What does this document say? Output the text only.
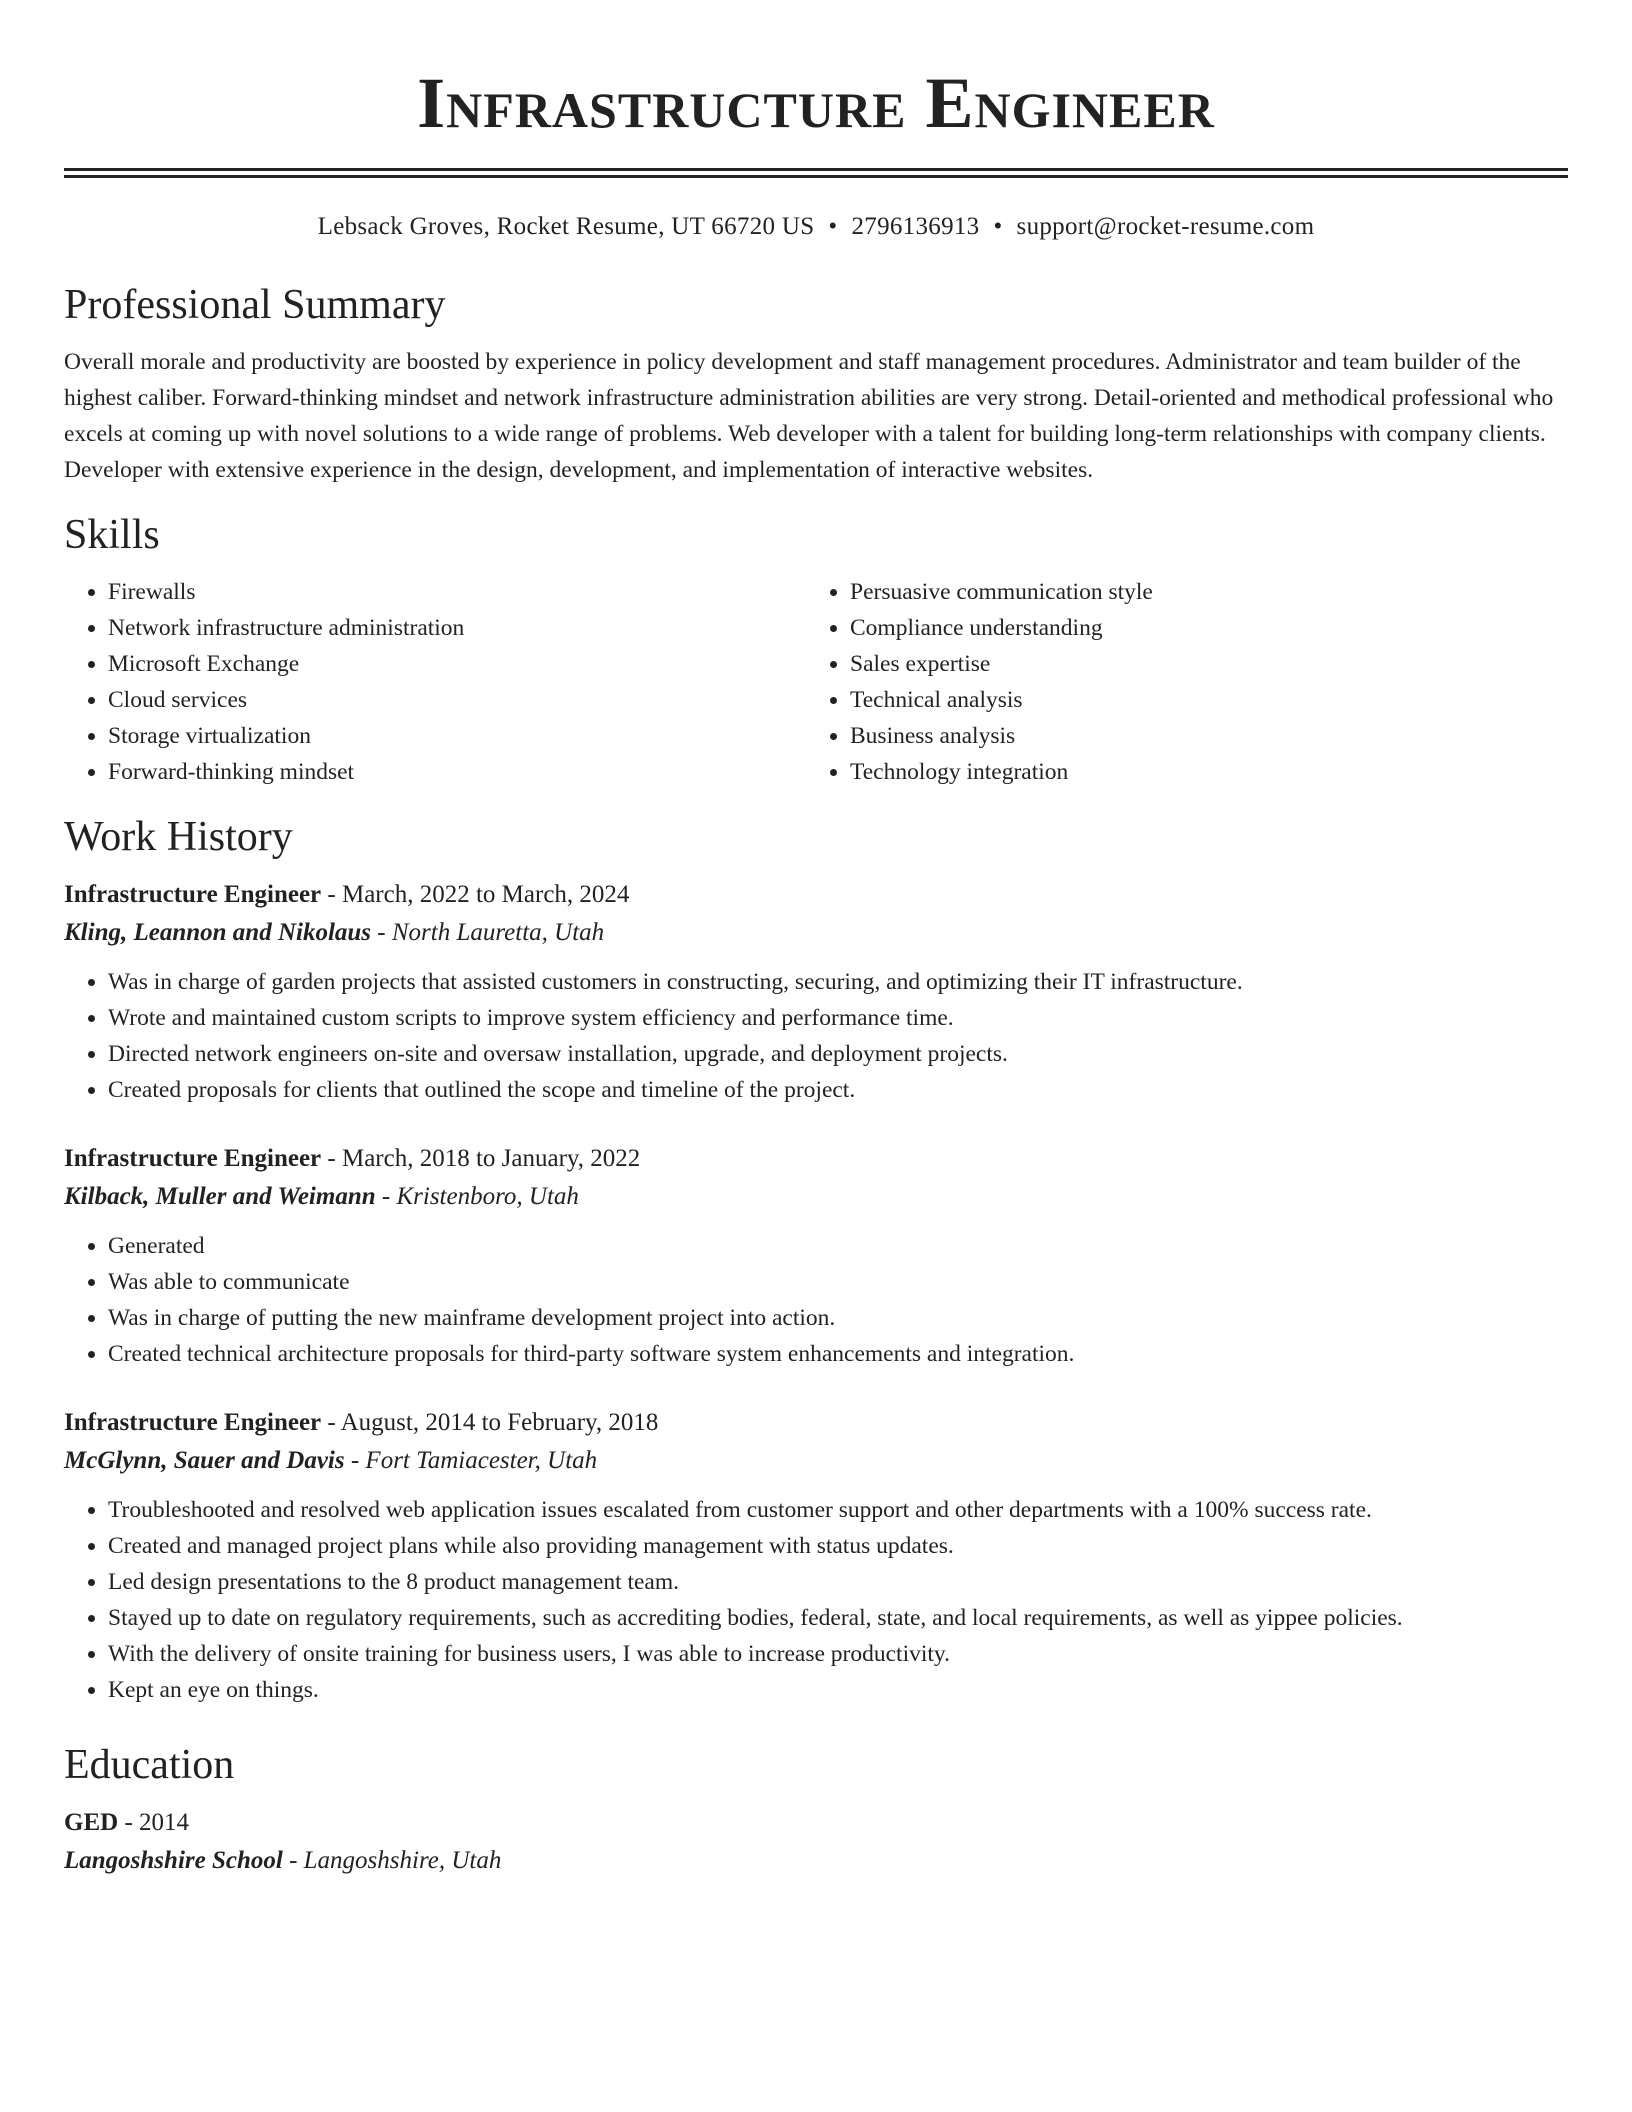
Infrastructure Engineer
Lebsack Groves, Rocket Resume, UT 66720 US • 2796136913 • support@rocket-resume.com
Professional Summary

Overall morale and productivity are boosted by experience in policy development and staff management procedures. Administrator and team builder of the highest caliber. Forward-thinking mindset and network infrastructure administration abilities are very strong. Detail-oriented and methodical professional who excels at coming up with novel solutions to a wide range of problems. Web developer with a talent for building long-term relationships with company clients. Developer with extensive experience in the design, development, and implementation of interactive websites.

Skills
• Firewalls
• Network infrastructure administration
• Microsoft Exchange
• Cloud services
• Storage virtualization
• Forward-thinking mindset
• Persuasive communication style
• Compliance understanding
• Sales expertise
• Technical analysis
• Business analysis
• Technology integration
Work History
Infrastructure Engineer - March, 2022 to March, 2024
Kling, Leannon and Nikolaus - North Lauretta, Utah
• Was in charge of garden projects that assisted customers in constructing, securing, and optimizing their IT infrastructure.
• Wrote and maintained custom scripts to improve system efficiency and performance time.
• Directed network engineers on-site and oversaw installation, upgrade, and deployment projects.
• Created proposals for clients that outlined the scope and timeline of the project.
Infrastructure Engineer - March, 2018 to January, 2022
Kilback, Muller and Weimann - Kristenboro, Utah
• Generated
• Was able to communicate
• Was in charge of putting the new mainframe development project into action.
• Created technical architecture proposals for third-party software system enhancements and integration.
Infrastructure Engineer - August, 2014 to February, 2018
McGlynn, Sauer and Davis - Fort Tamiacester, Utah
• Troubleshooted and resolved web application issues escalated from customer support and other departments with a 100% success rate.
• Created and managed project plans while also providing management with status updates.
• Led design presentations to the 8 product management team.
• Stayed up to date on regulatory requirements, such as accrediting bodies, federal, state, and local requirements, as well as yippee policies.
• With the delivery of onsite training for business users, I was able to increase productivity.
• Kept an eye on things.
Education
GED - 2014
Langoshshire School - Langoshshire, Utah
